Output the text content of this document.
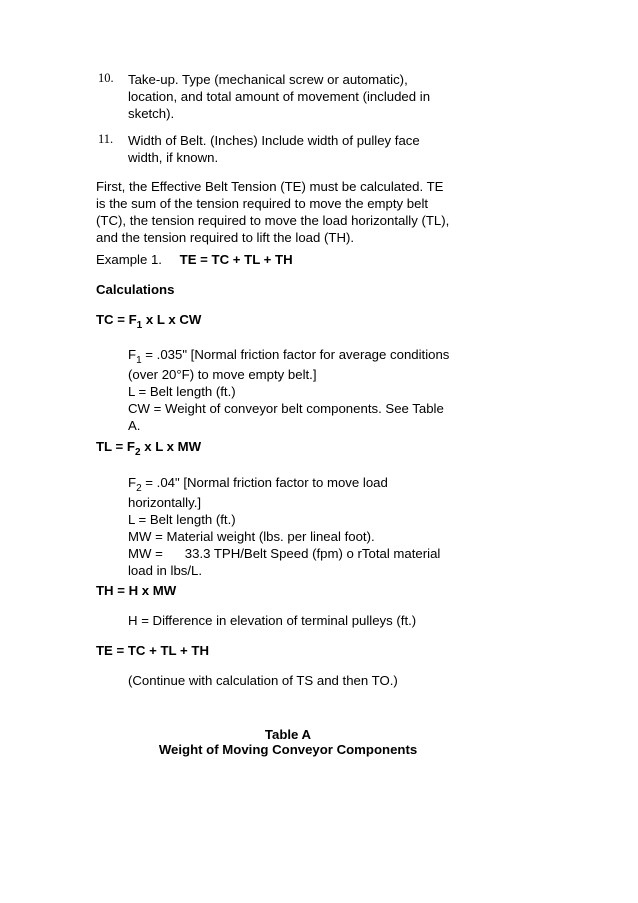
10. Take-up. Type (mechanical screw or automatic),
location, and total amount of movement (included in
sketch).
11. Width of Belt. (Inches) Include width of pulley face
width, if known.
First, the Effective Belt Tension (TE) must be calculated. TE
is the sum of the tension required to move the empty belt
(TC), the tension required to move the load horizontally (TL),
and the tension required to lift the load (TH).
Example 1. TE = TC + TL + TH
Calculations
TC = $F_1$ x L x CW
$F_1 = .035$" [Normal friction factor for average conditions
(over 20°F) to move empty belt.]
L = Belt length (ft.)
CW = Weight of conveyor belt components. See Table
A.
TL = $F_2$ x L x MW
$F_2 = .04$" [Normal friction factor to move load
horizontally.]
L = Belt length (ft.)
MW = Material weight (lbs. per lineal foot).
MW =      33.3 TPH/Belt Speed (fpm) o rTotal material
load in lbs/L.
TH = H x MW
H = Difference in elevation of terminal pulleys (ft.)
TE = TC + TL + TH
(Continue with calculation of TS and then TO.)
Table A
Weight of Moving Conveyor Components
